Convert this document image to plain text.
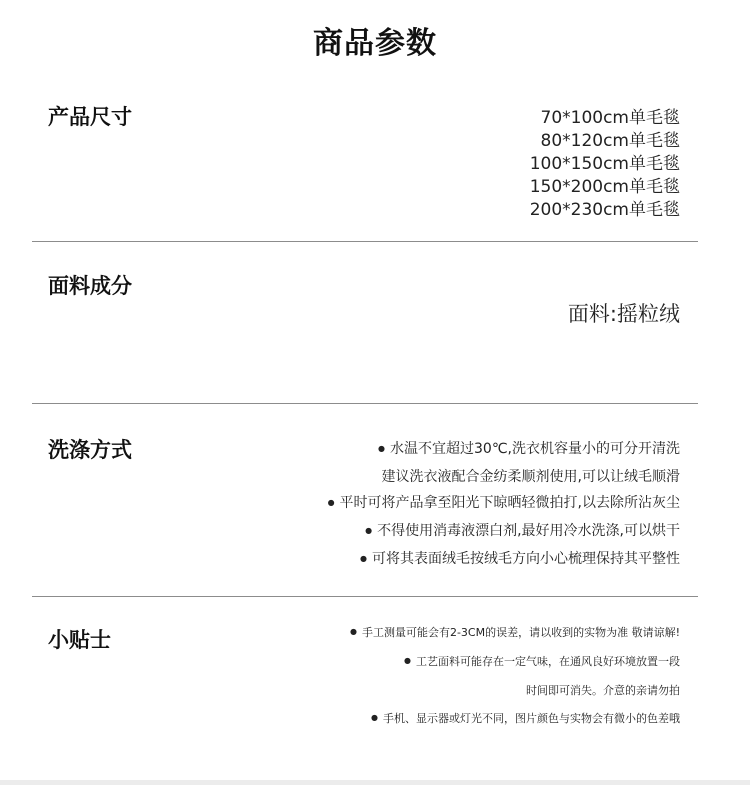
商品参数
产品尺寸	70*100cm单毛毯
80*120cm单毛毯
100*150cm单毛毯
150*200cm单毛毯
200*230cm单毛毯
面料成分
面料:摇粒绒
洗涤方式 ●	水温不宜超过30℃,洗衣机容量小的可分开清洗
建议洗衣液配合金纺柔顺剂使用,可以让绒毛顺滑
● 平时可将产品拿至阳光下晾晒轻微拍打,以去除所沾灰尘
● 不得使用消毒液漂白剂,最好用冷水洗涤,可以烘干
● 可将其表面绒毛按绒毛方向小心梳理保持其平整性
小贴士 ●	手工测量可能会有2-3CM的误差，请以收到的实物为准 敬请谅解!
● 工艺面料可能存在一定气味，在通风良好环境放置一段
时间即可消失。介意的亲请勿拍
● 手机、显示器或灯光不同，图片颜色与实物会有微小的色差哦
